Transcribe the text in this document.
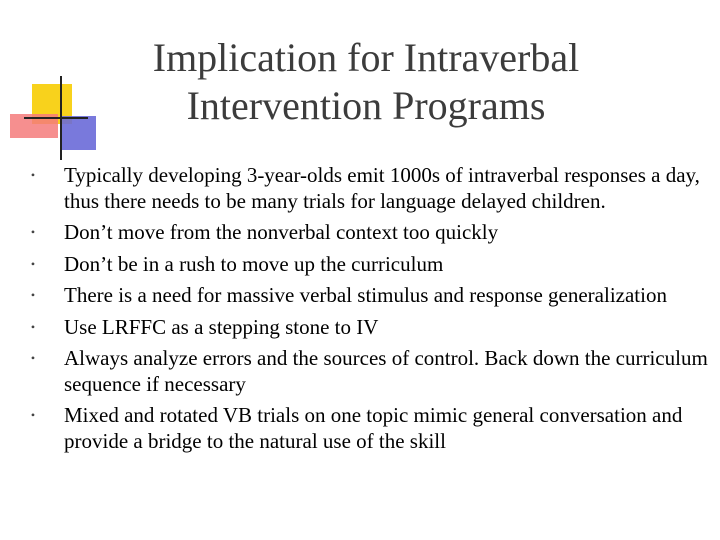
Implication for Intraverbal
Intervention Programs
• Typically developing 3-year-olds emit 1000s of intraverbal responses a day, thus there needs to be many trials for language delayed children.
• Don’t move from the nonverbal context too quickly
• Don’t be in a rush to move up the curriculum
• There is a need for massive verbal stimulus and response generalization
• Use LRFFC as a stepping stone to IV
• Always analyze errors and the sources of control. Back down the curriculum sequence if necessary
• Mixed and rotated VB trials on one topic mimic general conversation and provide a bridge to the natural use of the skill
